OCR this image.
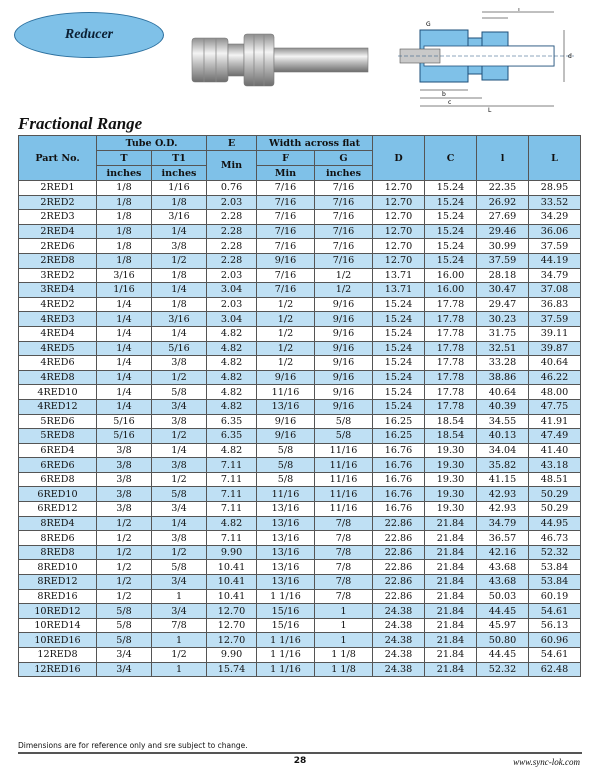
Reducer
f
G
b
c
L
d
Fractional Range
Part No.	Tube O.D.		E	Width across flat		D	C	l	L
	T	T1	Min	F	G				
	inches	inches		Min	inches				
2RED1	1/8	1/16	0.76	7/16	7/16	12.70	15.24	22.35	28.95
2RED2	1/8	1/8	2.03	7/16	7/16	12.70	15.24	26.92	33.52
2RED3	1/8	3/16	2.28	7/16	7/16	12.70	15.24	27.69	34.29
2RED4	1/8	1/4	2.28	7/16	7/16	12.70	15.24	29.46	36.06
2RED6	1/8	3/8	2.28	7/16	7/16	12.70	15.24	30.99	37.59
2RED8	1/8	1/2	2.28	9/16	7/16	12.70	15.24	37.59	44.19
3RED2	3/16	1/8	2.03	7/16	1/2	13.71	16.00	28.18	34.79
3RED4	1/16	1/4	3.04	7/16	1/2	13.71	16.00	30.47	37.08
4RED2	1/4	1/8	2.03	1/2	9/16	15.24	17.78	29.47	36.83
4RED3	1/4	3/16	3.04	1/2	9/16	15.24	17.78	30.23	37.59
4RED4	1/4	1/4	4.82	1/2	9/16	15.24	17.78	31.75	39.11
4RED5	1/4	5/16	4.82	1/2	9/16	15.24	17.78	32.51	39.87
4RED6	1/4	3/8	4.82	1/2	9/16	15.24	17.78	33.28	40.64
4RED8	1/4	1/2	4.82	9/16	9/16	15.24	17.78	38.86	46.22
4RED10	1/4	5/8	4.82	11/16	9/16	15.24	17.78	40.64	48.00
4RED12	1/4	3/4	4.82	13/16	9/16	15.24	17.78	40.39	47.75
5RED6	5/16	3/8	6.35	9/16	5/8	16.25	18.54	34.55	41.91
5RED8	5/16	1/2	6.35	9/16	5/8	16.25	18.54	40.13	47.49
6RED4	3/8	1/4	4.82	5/8	11/16	16.76	19.30	34.04	41.40
6RED6	3/8	3/8	7.11	5/8	11/16	16.76	19.30	35.82	43.18
6RED8	3/8	1/2	7.11	5/8	11/16	16.76	19.30	41.15	48.51
6RED10	3/8	5/8	7.11	11/16	11/16	16.76	19.30	42.93	50.29
6RED12	3/8	3/4	7.11	13/16	11/16	16.76	19.30	42.93	50.29
8RED4	1/2	1/4	4.82	13/16	7/8	22.86	21.84	34.79	44.95
8RED6	1/2	3/8	7.11	13/16	7/8	22.86	21.84	36.57	46.73
8RED8	1/2	1/2	9.90	13/16	7/8	22.86	21.84	42.16	52.32
8RED10	1/2	5/8	10.41	13/16	7/8	22.86	21.84	43.68	53.84
8RED12	1/2	3/4	10.41	13/16	7/8	22.86	21.84	43.68	53.84
8RED16	1/2	1	10.41	1 1/16	7/8	22.86	21.84	50.03	60.19
10RED12	5/8	3/4	12.70	15/16	1	24.38	21.84	44.45	54.61
10RED14	5/8	7/8	12.70	15/16	1	24.38	21.84	45.97	56.13
10RED16	5/8	1	12.70	1 1/16	1	24.38	21.84	50.80	60.96
12RED8	3/4	1/2	9.90	1 1/16	1 1/8	24.38	21.84	44.45	54.61
12RED16	3/4	1	15.74	1 1/16	1 1/8	24.38	21.84	52.32	62.48
Dimensions are for reference only and sre subject to change.
28	www.sync-lok.com
